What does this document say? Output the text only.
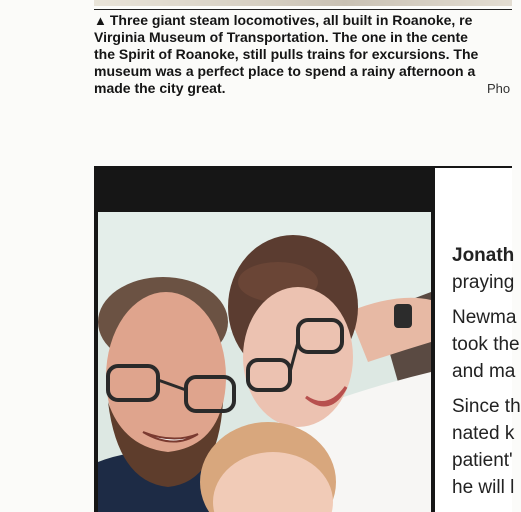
▲ Three giant steam locomotives, all built in Roanoke, re
Virginia Museum of Transportation. The one in the cente
the Spirit of Roanoke, still pulls trains for excursions. The
museum was a perfect place to spend a rainy afternoon a
made the city great.	Pho
Jonath
praying
Newma
took the
and ma
Since th
nated k
patient'
he will l
